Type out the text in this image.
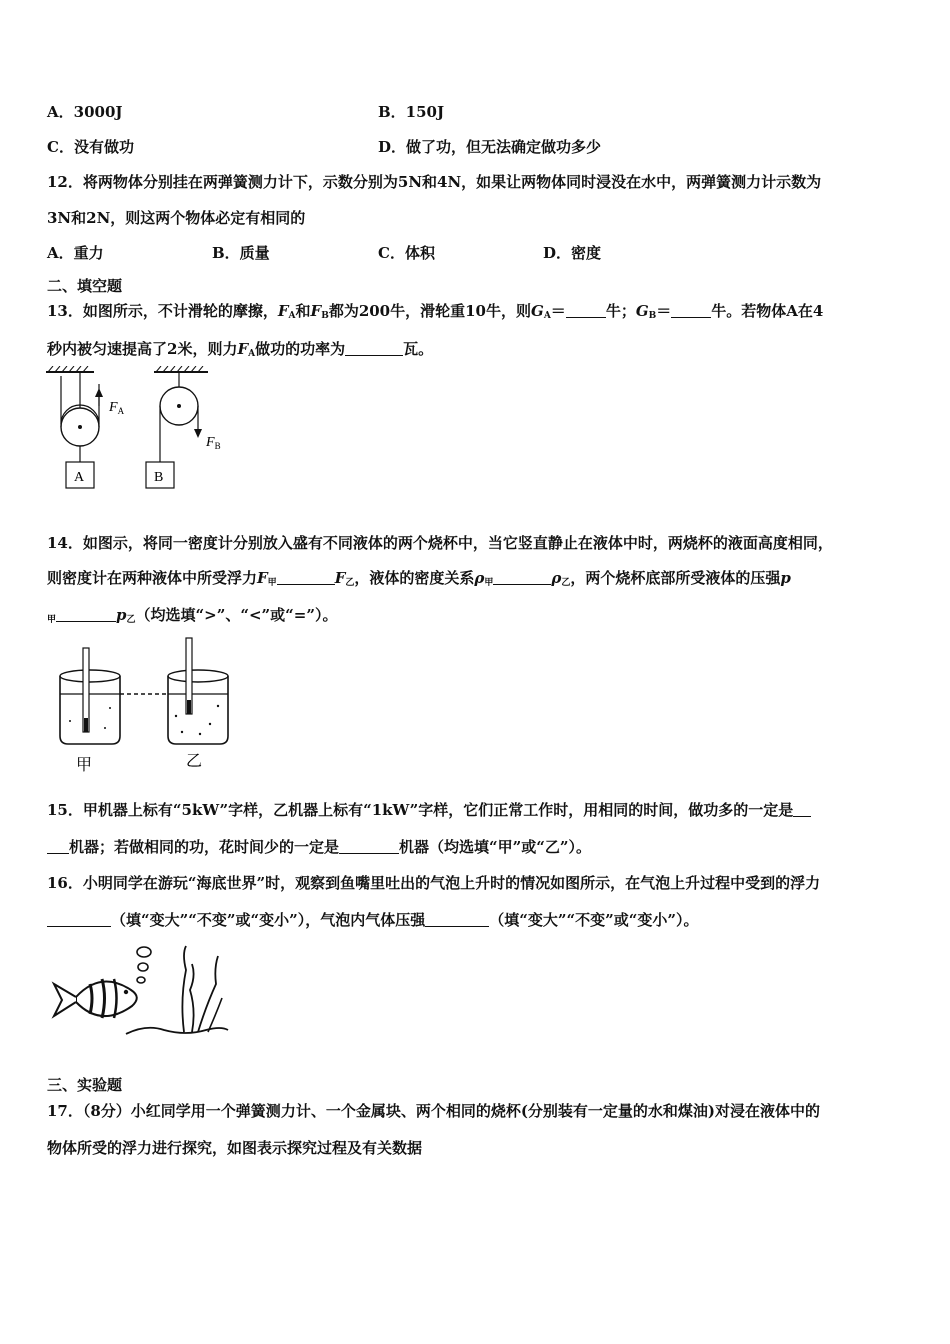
A．3000J	B．150J
C．没有做功	D．做了功，但无法确定做功多少
12．将两物体分别挂在两弹簧测力计下，示数分别为5N和4N，如果让两物体同时浸没在水中，两弹簧测力计示数为
3N和2N，则这两个物体必定有相同的
A．重力	B．质量	C．体积	D．密度
二、填空题
13．如图所示，不计滑轮的摩擦，$F_A$和$F_B$都为200牛，滑轮重10牛，则$G_A=$	牛；$G_B=$	牛。若物体A在4
秒内被匀速提高了2米，则力$F_A$做功的功率为	瓦。
A
$F_A$
$F_B$
B
14．如图示，将同一密度计分别放入盛有不同液体的两个烧杯中，当它竖直静止在液体中时，两烧杯的液面高度相同，
则密度计在两种液体中所受浮力$F_甲$	$F_乙$，液体的密度关系$\rho_甲$	$\rho_乙$，两个烧杯底部所受液体的压强p
$_甲$	$p_乙$（均选填“>”、“<”或“=”）。
甲	乙
15．甲机器上标有“5kW”字样，乙机器上标有“1kW”字样，它们正常工作时，用相同的时间，做功多的一定是
机器；若做相同的功，花时间少的一定是	机器（均选填“甲”或“乙”）。
16．小明同学在游玩“海底世界”时，观察到鱼嘴里吐出的气泡上升时的情况如图所示，在气泡上升过程中受到的浮力
（填“变大”“不变”或“变小”），气泡内气体压强	（填“变大”“不变”或“变小”）。
三、实验题
17．（8分）小红同学用一个弹簧测力计、一个金属块、两个相同的烧杯(分别装有一定量的水和煤油)对浸在液体中的
物体所受的浮力进行探究，如图表示探究过程及有关数据
